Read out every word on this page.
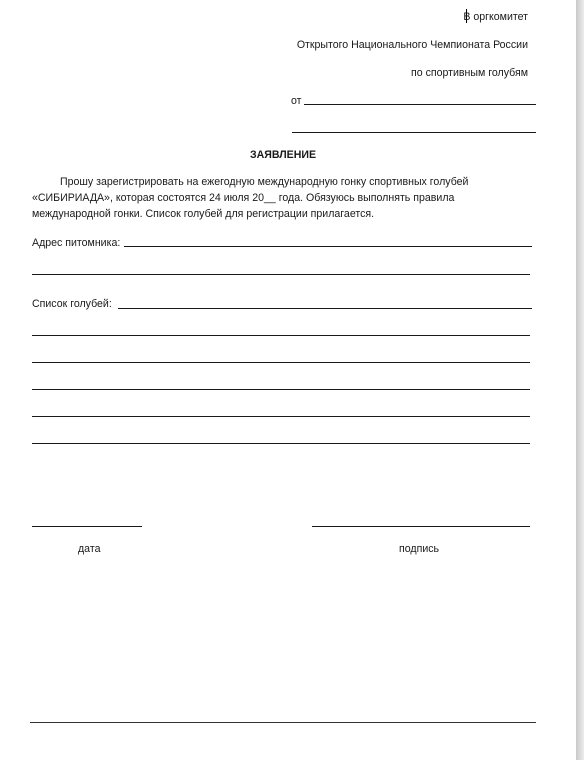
В оргкомитет
Открытого Национального Чемпионата России
по спортивным голубям
от
ЗАЯВЛЕНИЕ
Прошу зарегистрировать на ежегодную международную гонку спортивных голубей
«СИБИРИАДА», которая состоятся 24 июля 20__ года. Обязуюсь выполнять правила
международной гонки. Список голубей для регистрации прилагается.
Адрес питомника:
Список голубей:
дата	подпись
